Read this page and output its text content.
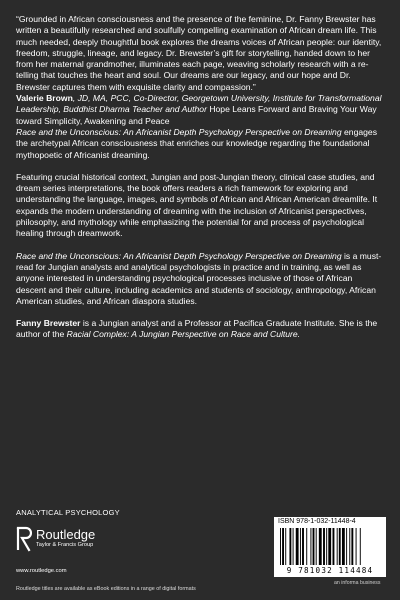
“Grounded in African consciousness and the presence of the feminine, Dr. Fanny Brewster has written a beautifully researched and soulfully compelling examination of African dream life. This much needed, deeply thoughtful book explores the dreams voices of African people: our identity, freedom, struggle, lineage, and legacy. Dr. Brewster’s gift for storytelling, handed down to her from her maternal grandmother, illuminates each page, weaving scholarly research with a re-telling that touches the heart and soul. Our dreams are our legacy, and our hope and Dr. Brewster captures them with exquisite clarity and compassion.”

Valerie Brown, JD, MA, PCC, Co-Director, Georgetown University, Institute for Transformational Leadership, Buddhist Dharma Teacher and Author Hope Leans Forward and Braving Your Way toward Simplicity, Awakening and Peace

Race and the Unconscious: An Africanist Depth Psychology Perspective on Dreaming engages the archetypal African consciousness that enriches our knowledge regarding the foundational mythopoetic of Africanist dreaming.

Featuring crucial historical context, Jungian and post-Jungian theory, clinical case studies, and dream series interpretations, the book offers readers a rich framework for exploring and understanding the language, images, and symbols of African and African American dreamlife. It expands the modern understanding of dreaming with the inclusion of Africanist perspectives, philosophy, and mythology while emphasizing the potential for and process of psychological healing through dreamwork.

Race and the Unconscious: An Africanist Depth Psychology Perspective on Dreaming is a must-read for Jungian analysts and analytical psychologists in practice and in training, as well as anyone interested in understanding psychological processes inclusive of those of African descent and their culture, including academics and students of sociology, anthropology, African American studies, and African diaspora studies.

Fanny Brewster is a Jungian analyst and a Professor at Pacifica Graduate Institute. She is the author of the Racial Complex: A Jungian Perspective on Race and Culture.

ANALYTICAL PSYCHOLOGY
Routledge
Taylor & Francis Group
www.routledge.com
Routledge titles are available as eBook editions in a range of digital formats
ISBN 978-1-032-11448-4
9 781032 114484
an informa business
